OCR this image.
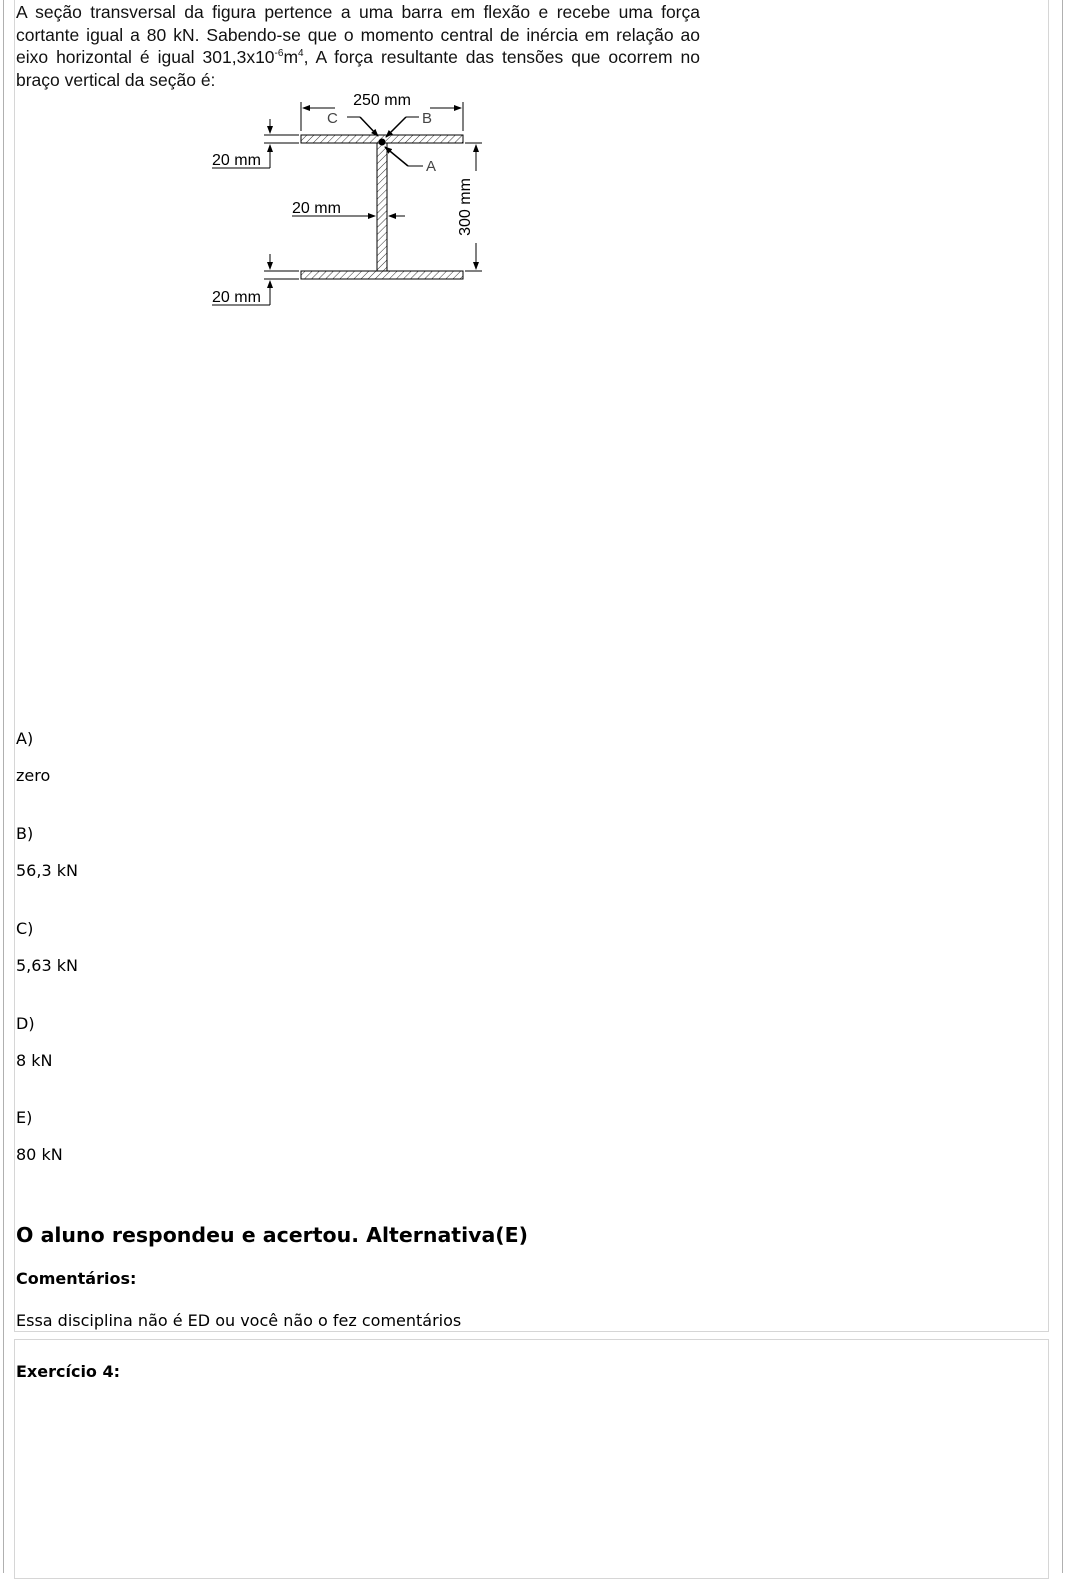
A seção transversal da figura pertence a uma barra em flexão e recebe uma força cortante igual a 80 kN. Sabendo-se que o momento central de inércia em relação ao eixo horizontal é igual $301,3x10^{-6}m^4$, A força resultante das tensões que ocorrem no braço vertical da seção é:

250 mm
C	B
A
20 mm
20 mm	300 mm
20 mm

A)

zero

B)

56,3 kN

C)

5,63 kN

D)

8 kN

E)

80 kN

O aluno respondeu e acertou. Alternativa(E)

Comentários:

Essa disciplina não é ED ou você não o fez comentários

Exercício 4:
